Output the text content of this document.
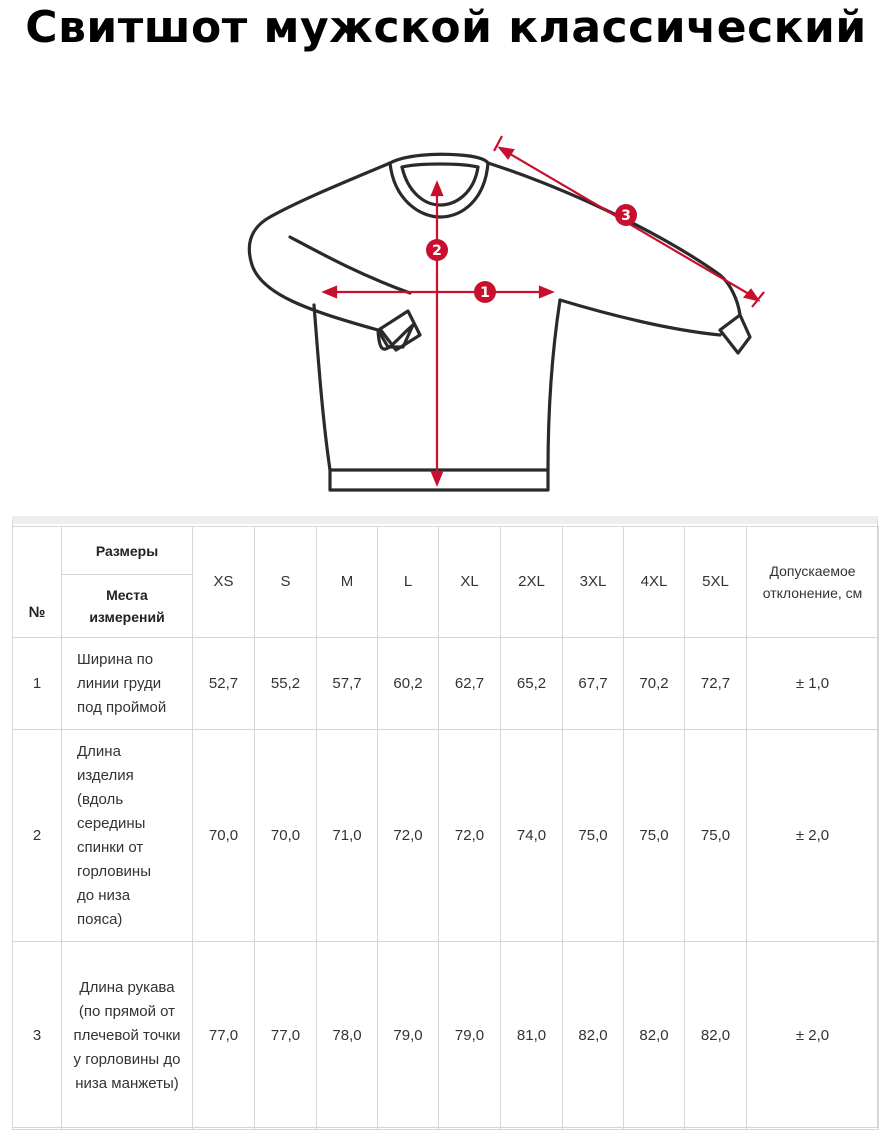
Свитшот мужской классический
1
2
3
№	Размеры	XS	S	M	L	XL	2XL	3XL	4XL	5XL	Допускаемое отклонение, см
	Места измерений										
1	Ширина по линии груди под проймой	52,7	55,2	57,7	60,2	62,7	65,2	67,7	70,2	72,7	± 1,0
2	Длина изделия (вдоль середины спинки от горловины до низа пояса)	70,0	70,0	71,0	72,0	72,0	74,0	75,0	75,0	75,0	± 2,0
3	Длина рукава (по прямой от плечевой точки у горловины до низа манжеты)	77,0	77,0	78,0	79,0	79,0	81,0	82,0	82,0	82,0	± 2,0
